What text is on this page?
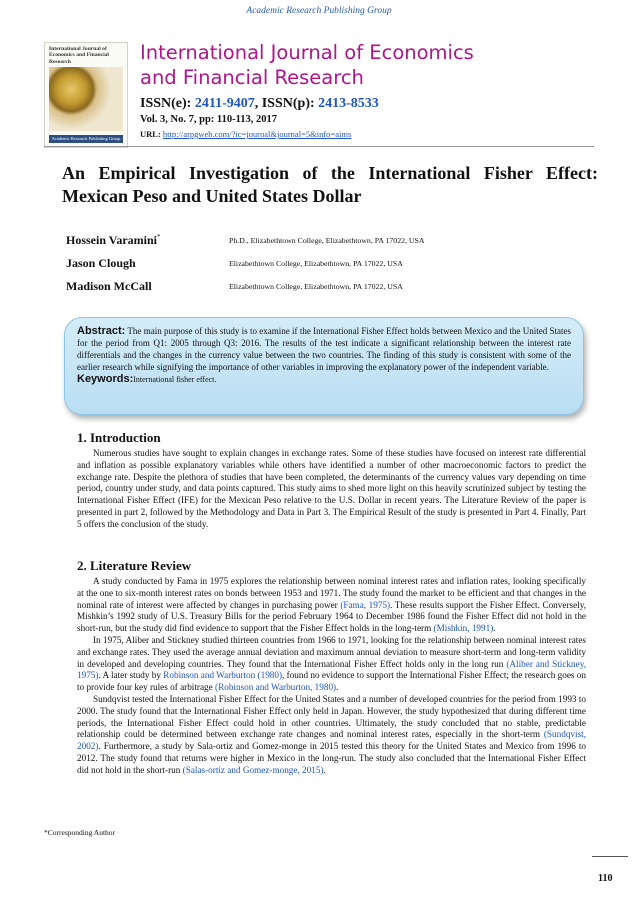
Academic Research Publishing Group
International Journal of Economics and Financial Research
Academic Research Publishing Group
International Journal of Economics
and Financial Research
ISSN(e): 2411-9407, ISSN(p): 2413-8533
Vol. 3, No. 7, pp: 110-113, 2017
URL: http://arpgweb.com/?ic=journal&journal=5&info=aims
An Empirical Investigation of the International Fisher Effect: Mexican Peso and United States Dollar
Hossein Varamini*	Ph.D., Elizabethtown College, Elizabethtown, PA 17022, USA
Jason Clough	Elizabethtown College, Elizabethtown, PA 17022, USA
Madison McCall	Elizabethtown College, Elizabethtown, PA 17022, USA
Abstract: The main purpose of this study is to examine if the International Fisher Effect holds between Mexico and the United States for the period from Q1: 2005 through Q3: 2016. The results of the test indicate a significant relationship between the interest rate differentials and the changes in the currency value between the two countries. The finding of this study is consistent with some of the earlier research while signifying the importance of other variables in improving the explanatory power of the independent variable.
Keywords:International fisher effect.
1. Introduction

Numerous studies have sought to explain changes in exchange rates. Some of these studies have focused on interest rate differential and inflation as possible explanatory variables while others have identified a number of other macroeconomic factors to predict the exchange rate. Despite the plethora of studies that have been completed, the determinants of the currency values vary depending on time period, country under study, and data points captured. This study aims to shed more light on this heavily scrutinized subject by testing the International Fisher Effect (IFE) for the Mexican Peso relative to the U.S. Dollar in recent years. The Literature Review of the paper is presented in part 2, followed by the Methodology and Data in Part 3. The Empirical Result of the study is presented in Part 4. Finally, Part 5 offers the conclusion of the study.

2. Literature Review

A study conducted by Fama in 1975 explores the relationship between nominal interest rates and inflation rates, looking specifically at the one to six-month interest rates on bonds between 1953 and 1971. The study found the market to be efficient and that changes in the nominal rate of interest were affected by changes in purchasing power (Fama, 1975). These results support the Fisher Effect. Conversely, Mishkin’s 1992 study of U.S. Treasury Bills for the period February 1964 to December 1986 found the Fisher Effect did not hold in the short-run, but the study did find evidence to support that the Fisher Effect holds in the long-term (Mishkin, 1991).

In 1975, Aliber and Stickney studied thirteen countries from 1966 to 1971, looking for the relationship between nominal interest rates and exchange rates. They used the average annual deviation and maximum annual deviation to measure short-term and long-term validity in developed and developing countries. They found that the International Fisher Effect holds only in the long run (Aliber and Stickney, 1975). A later study by Robinson and Warburton (1980), found no evidence to support the International Fisher Effect; the research goes on to provide four key rules of arbitrage (Robinson and Warburton, 1980).

Sundqvist tested the International Fisher Effect for the United States and a number of developed countries for the period from 1993 to 2000. The study found that the International Fisher Effect only held in Japan. However, the study hypothesized that during different time periods, the International Fisher Effect could hold in other countries. Ultimately, the study concluded that no stable, predictable relationship could be determined between exchange rate changes and nominal interest rates, especially in the short-term (Sundqvist, 2002). Furthermore, a study by Sala-ortiz and Gomez-monge in 2015 tested this theory for the United States and Mexico from 1996 to 2012. The study found that returns were higher in Mexico in the long-run. The study also concluded that the International Fisher Effect did not hold in the short-run (Salas-ortiz and Gomez-monge, 2015).

*Corresponding Author
110
